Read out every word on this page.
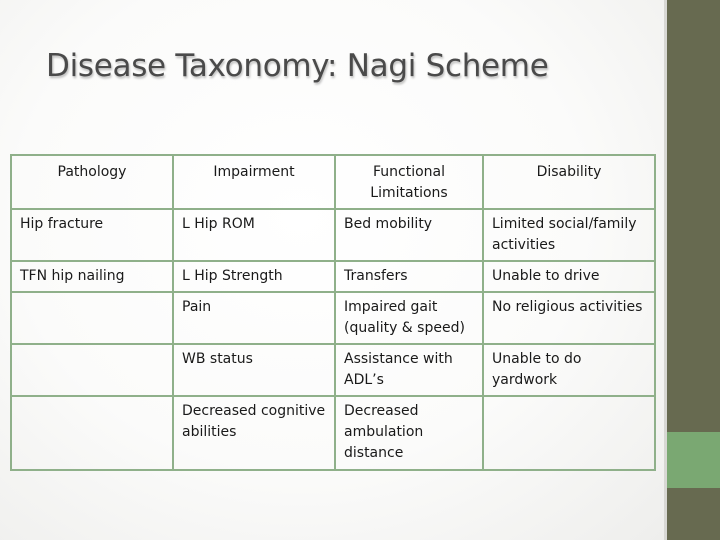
Disease Taxonomy: Nagi Scheme
Pathology	Impairment	Functional Limitations	Disability
Hip fracture	L Hip ROM	Bed mobility	Limited social/family activities
TFN hip nailing	L Hip Strength	Transfers	Unable to drive
	Pain	Impaired gait (quality & speed)	No religious activities
	WB status	Assistance with ADL’s	Unable to do yardwork
	Decreased cognitive abilities	Decreased ambulation distance	
